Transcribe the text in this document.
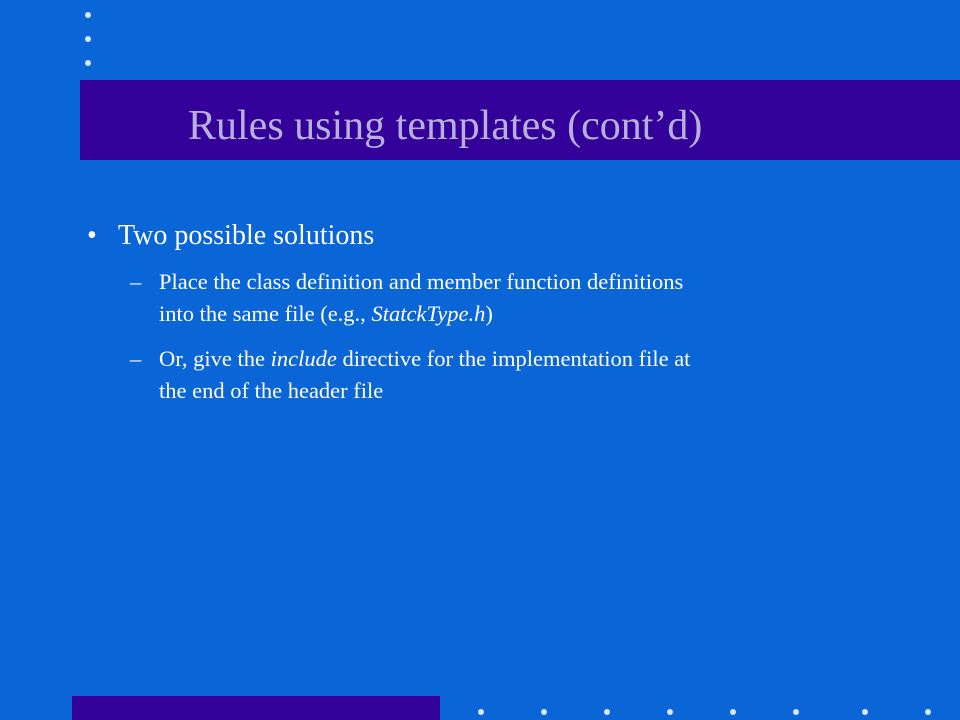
Rules using templates (cont’d)
• Two possible solutions
– Place the class definition and member function definitions
into the same file (e.g., StatckType.h)
– Or, give the include directive for the implementation file at
the end of the header file
